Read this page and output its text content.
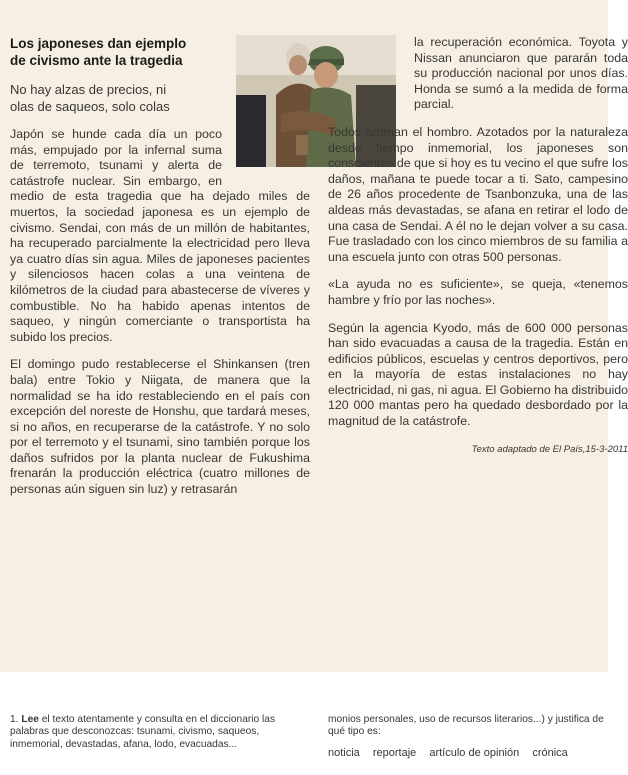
Los japoneses dan ejemplo
de civismo ante la tragedia

No hay alzas de precios, ni
olas de saqueos, solo colas

Japón se hunde cada día un poco más, empujado por la infernal suma de terremoto, tsunami y alerta de catástrofe nuclear. Sin embargo, en medio de esta tragedia que ha dejado miles de muertos, la sociedad japonesa es un ejemplo de civismo. Sendai, con más de un millón de habitantes, ha recuperado parcialmente la electricidad pero lleva ya cuatro días sin agua. Miles de japoneses pacientes y silenciosos hacen colas a una veintena de kilómetros de la ciudad para abastecerse de víveres y combustible. No ha habido apenas intentos de saqueo, y ningún comerciante o transportista ha subido los precios.

El domingo pudo restablecerse el Shinkansen (tren bala) entre Tokio y Niigata, de manera que la normalidad se ha ido restableciendo en el país con excepción del noreste de Honshu, que tardará meses, si no años, en recuperarse de la catástrofe. Y no solo por el terremoto y el tsunami, sino también porque los daños sufridos por la planta nuclear de Fukushima frenarán la producción eléctrica (cuatro millones de personas aún siguen sin luz) y retrasarán

la recuperación económica. Toyota y Nissan anunciaron que pararán toda su producción nacional por unos días. Honda se sumó a la medida de forma parcial.

Todos arriman el hombro. Azotados por la naturaleza desde tiempo inmemorial, los japoneses son conscientes de que si hoy es tu vecino el que sufre los daños, mañana te puede tocar a ti. Sato, campesino de 26 años procedente de Tsanbonzuka, una de las aldeas más devastadas, se afana en retirar el lodo de una casa de Sendai. A él no le dejan volver a su casa. Fue trasladado con los cinco miembros de su familia a una escuela junto con otras 500 personas.

«La ayuda no es suficiente», se queja, «tenemos hambre y frío por las noches».

Según la agencia Kyodo, más de 600 000 personas han sido evacuadas a causa de la tragedia. Están en edificios públicos, escuelas y centros deportivos, pero en la mayoría de estas instalaciones no hay electricidad, ni gas, ni agua. El Gobierno ha distribuido 120 000 mantas pero ha quedado desbordado por la magnitud de la catástrofe.

Texto adaptado de El País,15-3-2011

1. Lee el texto atentamente y consulta en el diccionario las palabras que desconozcas: tsunami, civismo, saqueos, inmemorial, devastadas, afana, lodo, evacuadas...
monios personales, uso de recursos literarios...) y justifica de qué tipo es:
noticia reportaje artículo de opinión crónica
